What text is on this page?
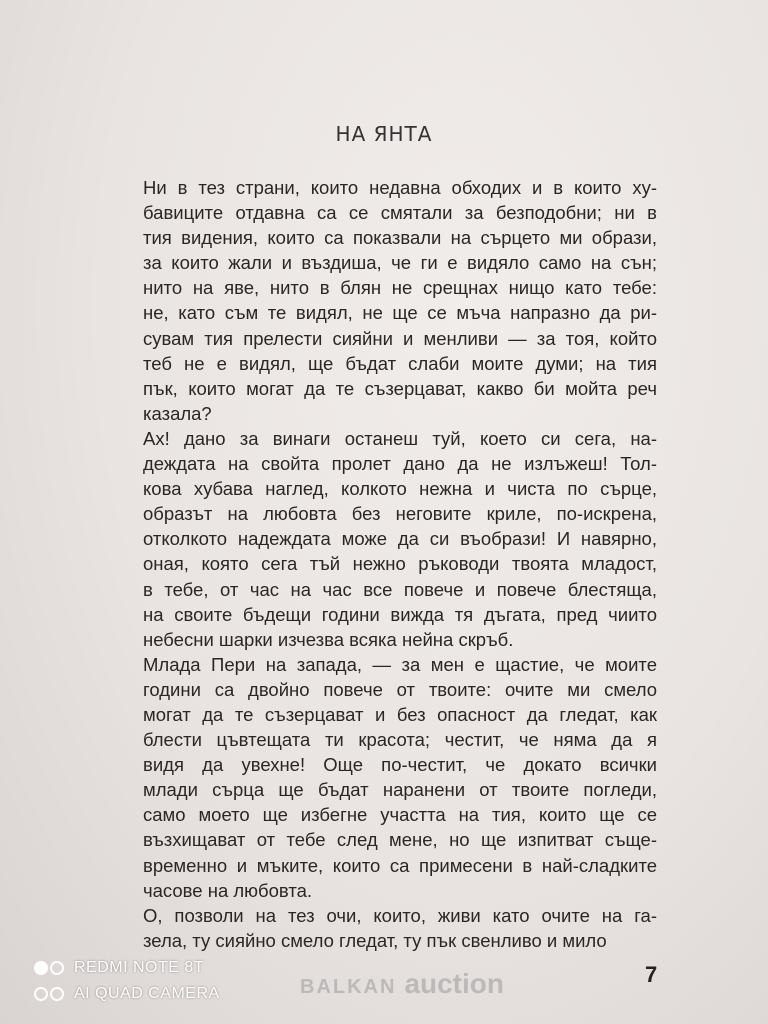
НА ЯНТА
Ни в тез страни, които недавна обходих и в които ху-
бавиците отдавна са се смятали за безподобни; ни в
тия видения, които са показвали на сърцето ми образи,
за които жали и въздиша, че ги е видяло само на сън;
нито на яве, нито в блян не срещнах нищо като тебе:
не, като съм те видял, не ще се мъча напразно да ри-
сувам тия прелести сияйни и менливи — за тоя, който
теб не е видял, ще бъдат слаби моите думи; на тия
пък, които могат да те съзерцават, какво би мойта реч
казала?
Ах! дано за винаги останеш туй, което си сега, на-
деждата на свойта пролет дано да не излъжеш! Тол-
кова хубава наглед, колкото нежна и чиста по сърце,
образът на любовта без неговите криле, по-искрена,
отколкото надеждата може да си въобрази! И навярно,
оная, която сега тъй нежно ръководи твоята младост,
в тебе, от час на час все повече и повече блестяща,
на своите бъдещи години вижда тя дъгата, пред чиито
небесни шарки изчезва всяка нейна скръб.
Млада Пери на запада, — за мен е щастие, че моите
години са двойно повече от твоите: очите ми смело
могат да те съзерцават и без опасност да гледат, как
блести цъвтещата ти красота; честит, че няма да я
видя да увехне! Още по-честит, че докато всички
млади сърца ще бъдат наранени от твоите погледи,
само моето ще избегне участта на тия, които ще се
възхищават от тебе след мене, но ще изпитват съще-
временно и мъките, които са примесени в най-сладките
часове на любовта.
О, позволи на тез очи, които, живи като очите на га-
зела, ту сияйно смело гледат, ту пък свенливо и мило
7
BALKAN auction
REDMI NOTE 8T
AI QUAD CAMERA
